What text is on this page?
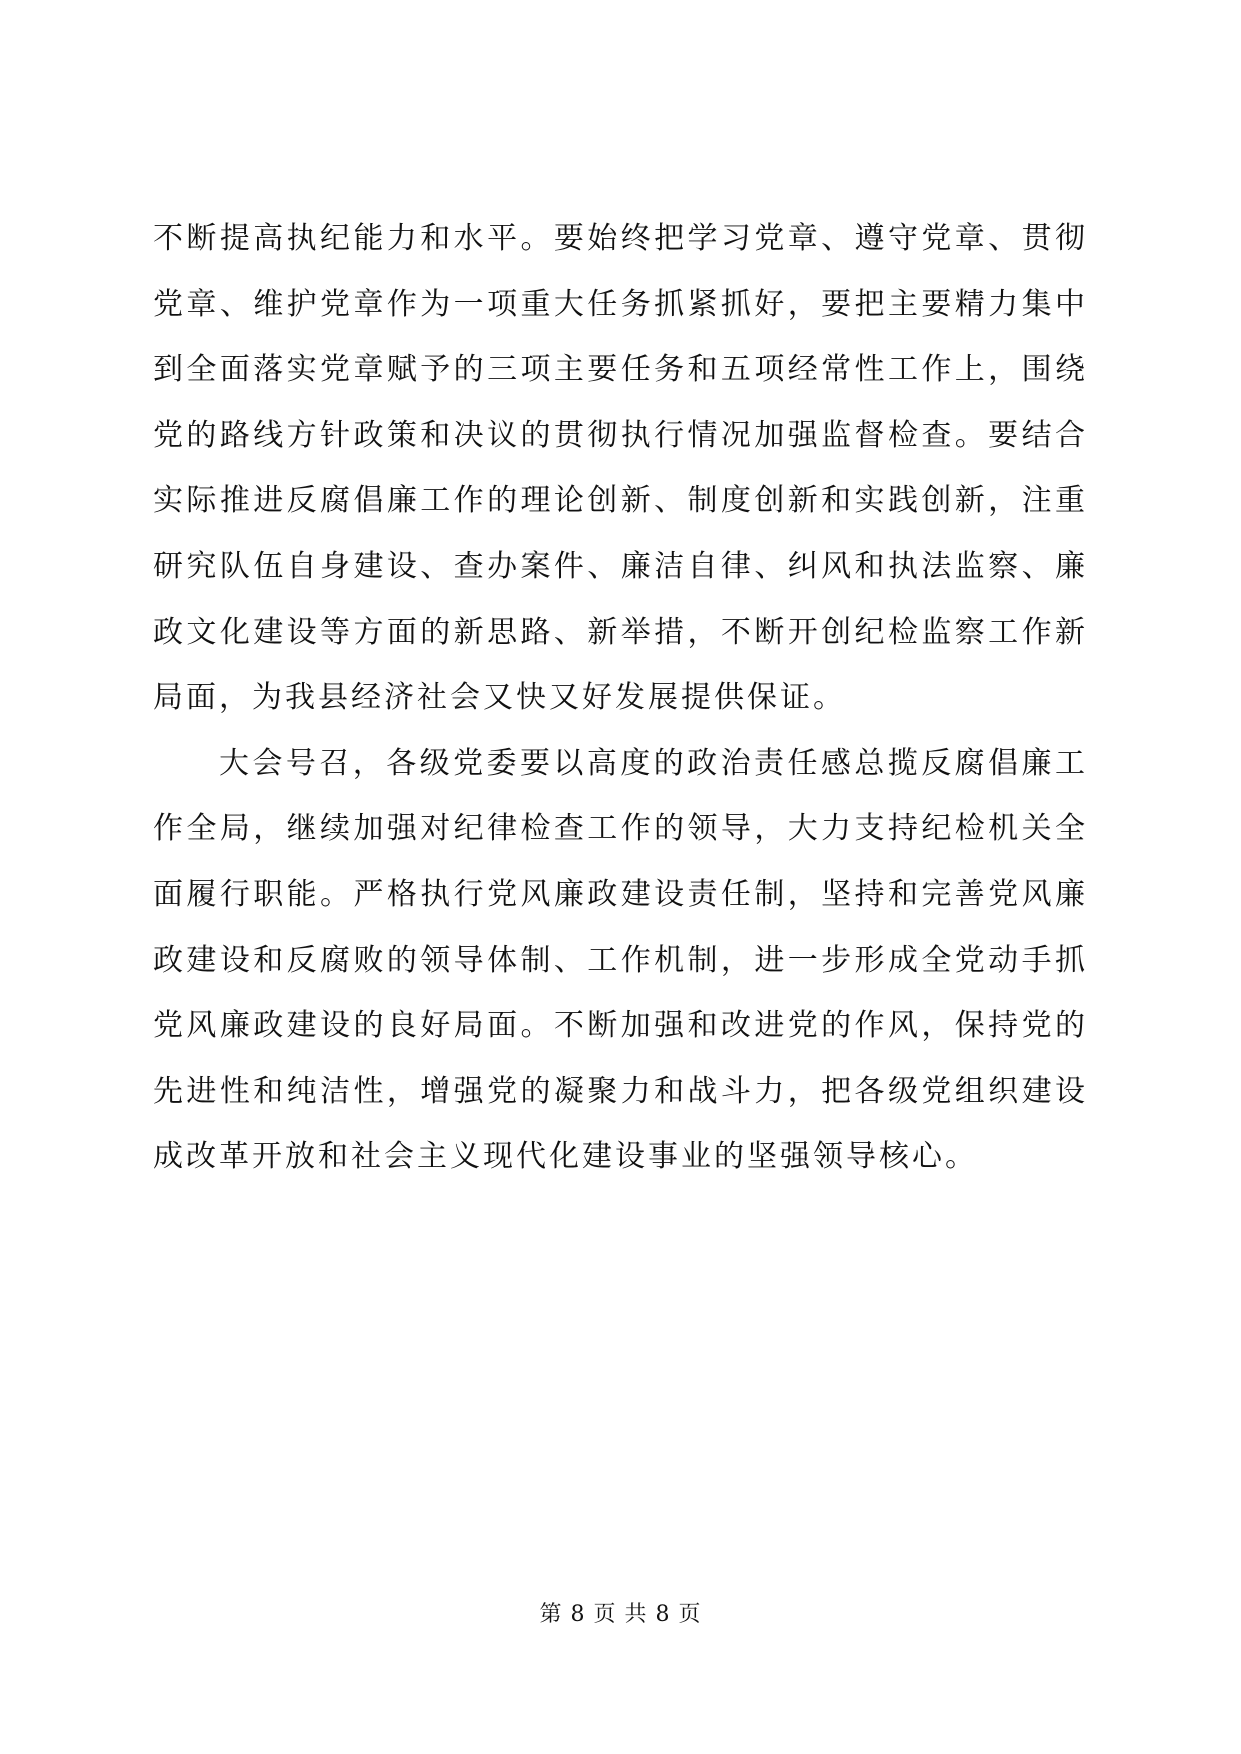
不断提高执纪能力和水平。要始终把学习党章、遵守党章、贯彻党章、维护党章作为一项重大任务抓紧抓好，要把主要精力集中到全面落实党章赋予的三项主要任务和五项经常性工作上，围绕党的路线方针政策和决议的贯彻执行情况加强监督检查。要结合实际推进反腐倡廉工作的理论创新、制度创新和实践创新，注重研究队伍自身建设、查办案件、廉洁自律、纠风和执法监察、廉政文化建设等方面的新思路、新举措，不断开创纪检监察工作新局面，为我县经济社会又快又好发展提供保证。

大会号召，各级党委要以高度的政治责任感总揽反腐倡廉工作全局，继续加强对纪律检查工作的领导，大力支持纪检机关全面履行职能。严格执行党风廉政建设责任制，坚持和完善党风廉政建设和反腐败的领导体制、工作机制，进一步形成全党动手抓党风廉政建设的良好局面。不断加强和改进党的作风，保持党的先进性和纯洁性，增强党的凝聚力和战斗力，把各级党组织建设成改革开放和社会主义现代化建设事业的坚强领导核心。

第 8 页 共 8 页
